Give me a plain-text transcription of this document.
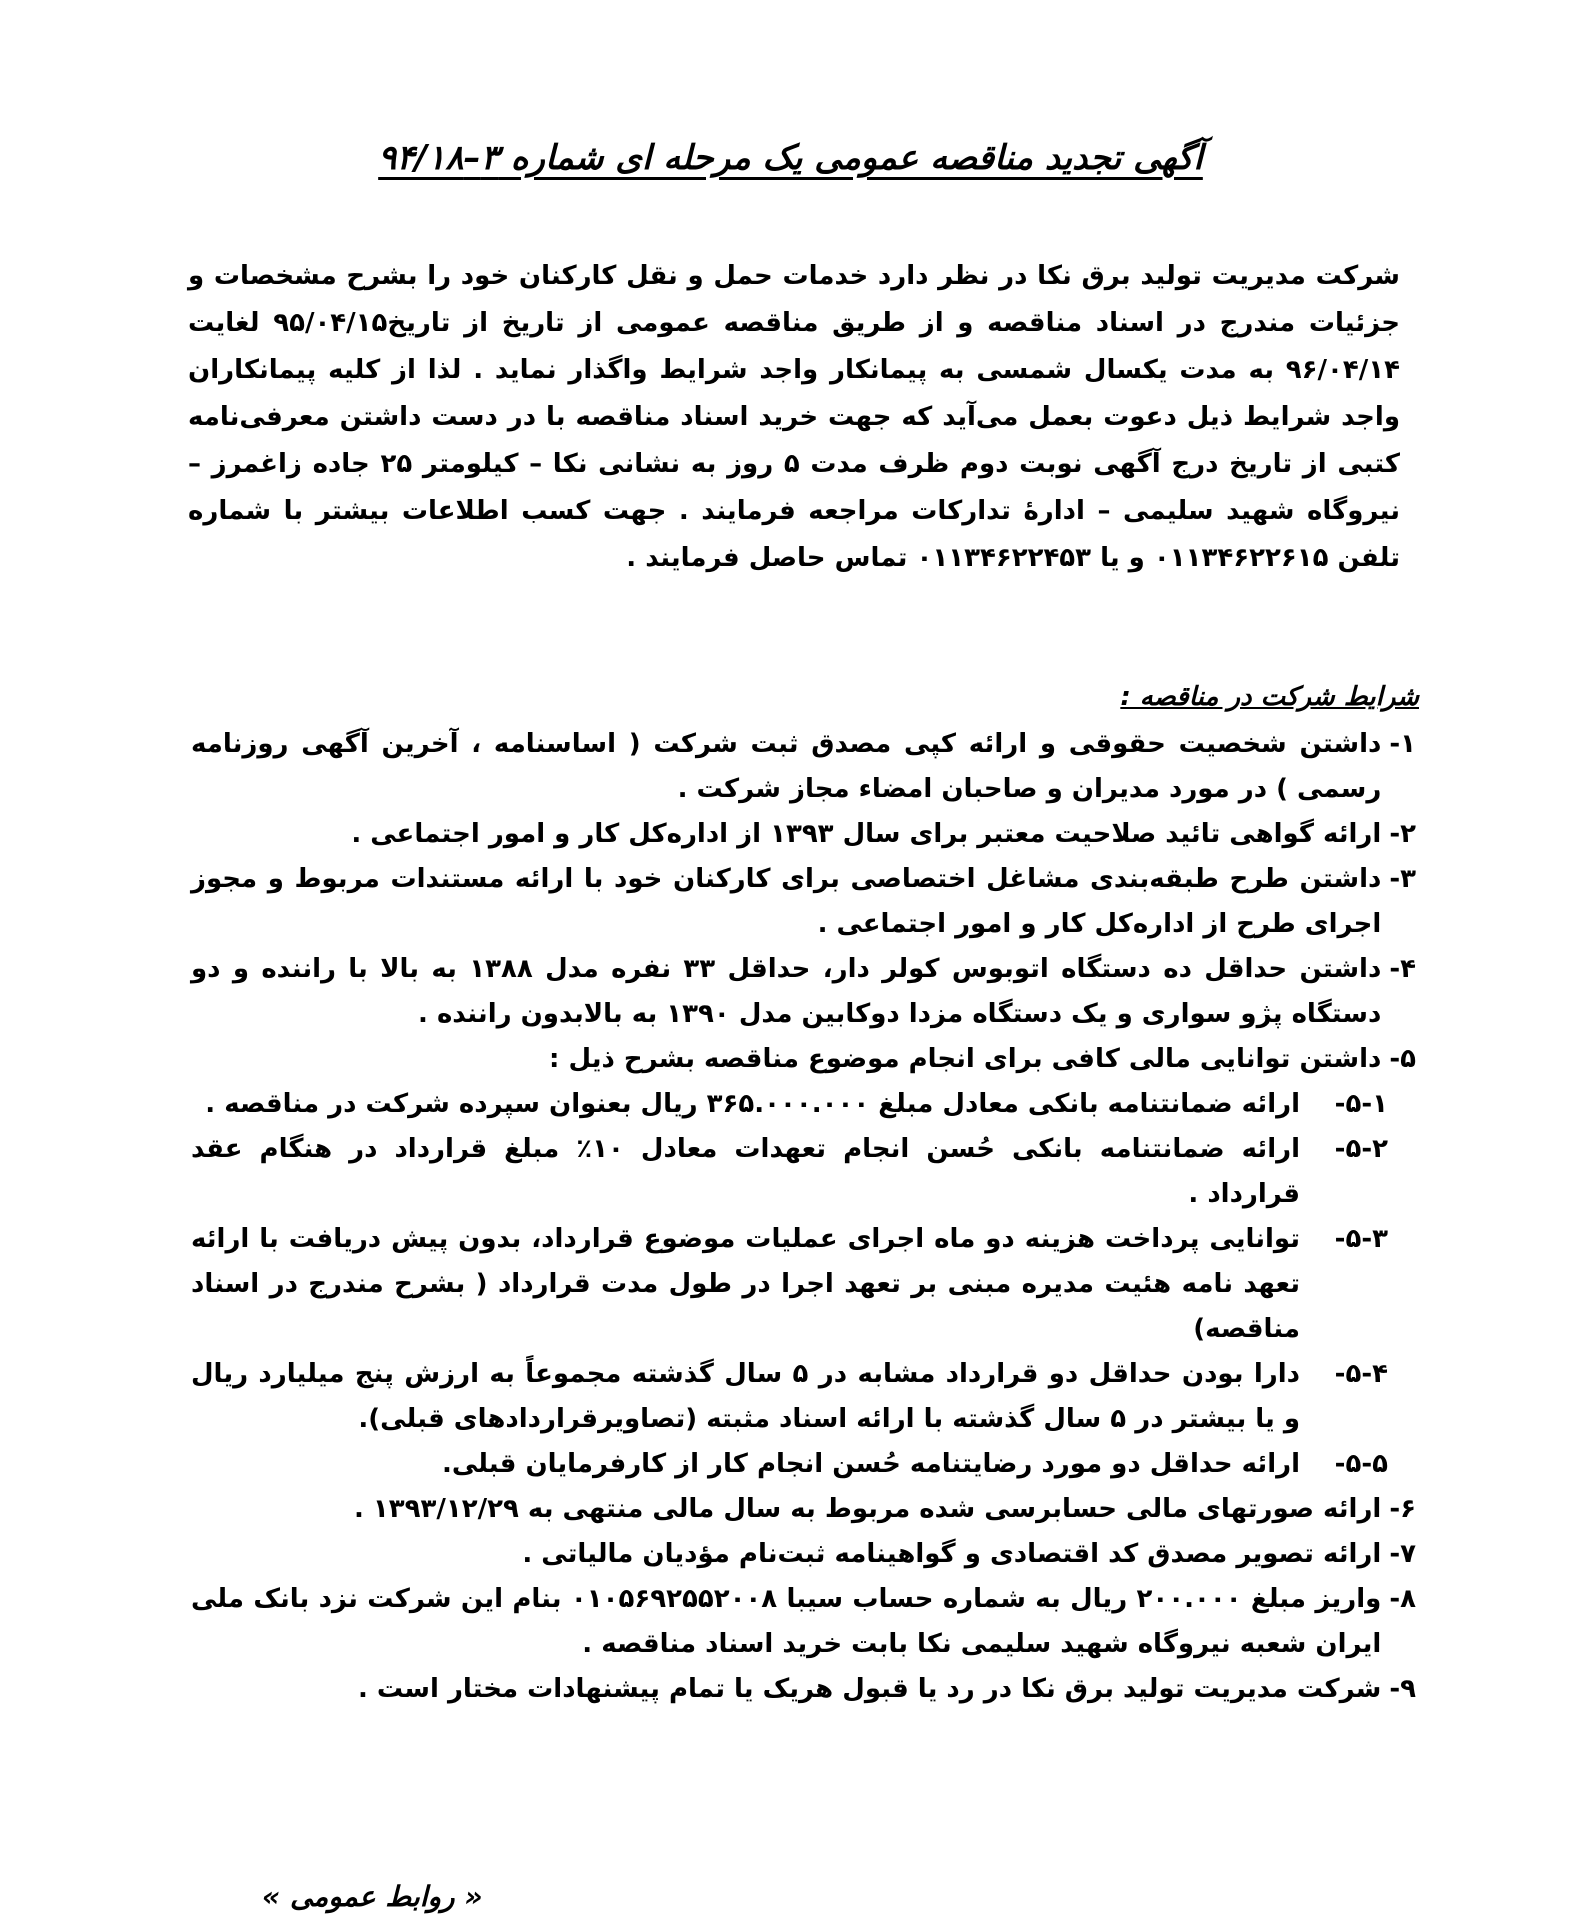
آگهی تجدید مناقصه عمومی یک مرحله ای شماره ۳–۹۴/۱۸

شرکت مدیریت تولید برق نکا در نظر دارد خدمات حمل و نقل کارکنان خود را بشرح مشخصات و جزئیات مندرج در اسناد مناقصه و از طریق مناقصه عمومی از تاریخ از تاریخ۹۵/۰۴/۱۵ لغایت ۹۶/۰۴/۱۴ به مدت یکسال شمسی به پیمانکار واجد شرایط واگذار نماید . لذا از کلیه پیمانکاران واجد شرایط ذیل دعوت بعمل می‌آید که جهت خرید اسناد مناقصه با در دست داشتن معرفی‌نامه کتبی از تاریخ درج آگهی نوبت دوم ظرف مدت ۵ روز به نشانی نکا – کیلومتر ۲۵ جاده زاغمرز – نیروگاه شهید سلیمی – ادارهٔ تدارکات مراجعه فرمایند . جهت کسب اطلاعات بیشتر با شماره تلفن ۰۱۱۳۴۶۲۲۶۱۵ و یا ۰۱۱۳۴۶۲۲۴۵۳ تماس حاصل فرمایند .

شرایط شرکت در مناقصه :
۱-
داشتن شخصیت حقوقی و ارائه کپی مصدق ثبت شرکت ( اساسنامه ، آخرین آگهی روزنامه رسمی ) در مورد مدیران و صاحبان امضاء مجاز شرکت .
۲-
ارائه گواهی تائید صلاحیت معتبر برای سال ۱۳۹۳ از اداره‌کل کار و امور اجتماعی .
۳-
داشتن طرح طبقه‌بندی مشاغل اختصاصی برای کارکنان خود با ارائه مستندات مربوط و مجوز اجرای طرح از اداره‌کل کار و امور اجتماعی .
۴-
داشتن حداقل ده دستگاه اتوبوس کولر دار، حداقل ۳۳ نفره مدل ۱۳۸۸ به بالا با راننده و دو دستگاه پژو سواری و یک دستگاه مزدا دوکابین مدل ۱۳۹۰ به بالابدون راننده .
۵-
داشتن توانایی مالی کافی برای انجام موضوع مناقصه بشرح ذیل :
۵-۱-
ارائه ضمانتنامه بانکی معادل مبلغ ۳۶۵.۰۰۰.۰۰۰ ریال بعنوان سپرده شرکت در مناقصه .
۵-۲-
ارائه ضمانتنامه بانکی حُسن انجام تعهدات معادل ۱۰٪ مبلغ قرارداد در هنگام عقد قرارداد .
۵-۳-
توانایی پرداخت هزینه دو ماه اجرای عملیات موضوع قرارداد، بدون پیش دریافت با ارائه تعهد نامه هئیت مدیره مبنی بر تعهد اجرا در طول مدت قرارداد ( بشرح مندرج در اسناد مناقصه)
۵-۴-
دارا بودن حداقل دو قرارداد مشابه در ۵ سال گذشته مجموعاً به ارزش پنج میلیارد ریال و یا بیشتر در ۵ سال گذشته با ارائه اسناد مثبته (تصاویرقراردادهای قبلی).
۵-۵-
ارائه حداقل دو مورد رضایتنامه حُسن انجام کار از کارفرمایان قبلی.
۶-
ارائه صورتهای مالی حسابرسی شده مربوط به سال مالی منتهی به ۱۳۹۳/۱۲/۲۹ .
۷-
ارائه تصویر مصدق کد اقتصادی و گواهینامه ثبت‌نام مؤدیان مالیاتی .
۸-
واریز مبلغ ۲۰۰.۰۰۰ ریال به شماره حساب سیبا ۰۱۰۵۶۹۲۵۵۲۰۰۸ بنام این شرکت نزد بانک ملی ایران شعبه نیروگاه شهید سلیمی نکا بابت خرید اسناد مناقصه .
۹-
شرکت مدیریت تولید برق نکا در رد یا قبول هریک یا تمام پیشنهادات مختار است .

« روابط عمومی »
